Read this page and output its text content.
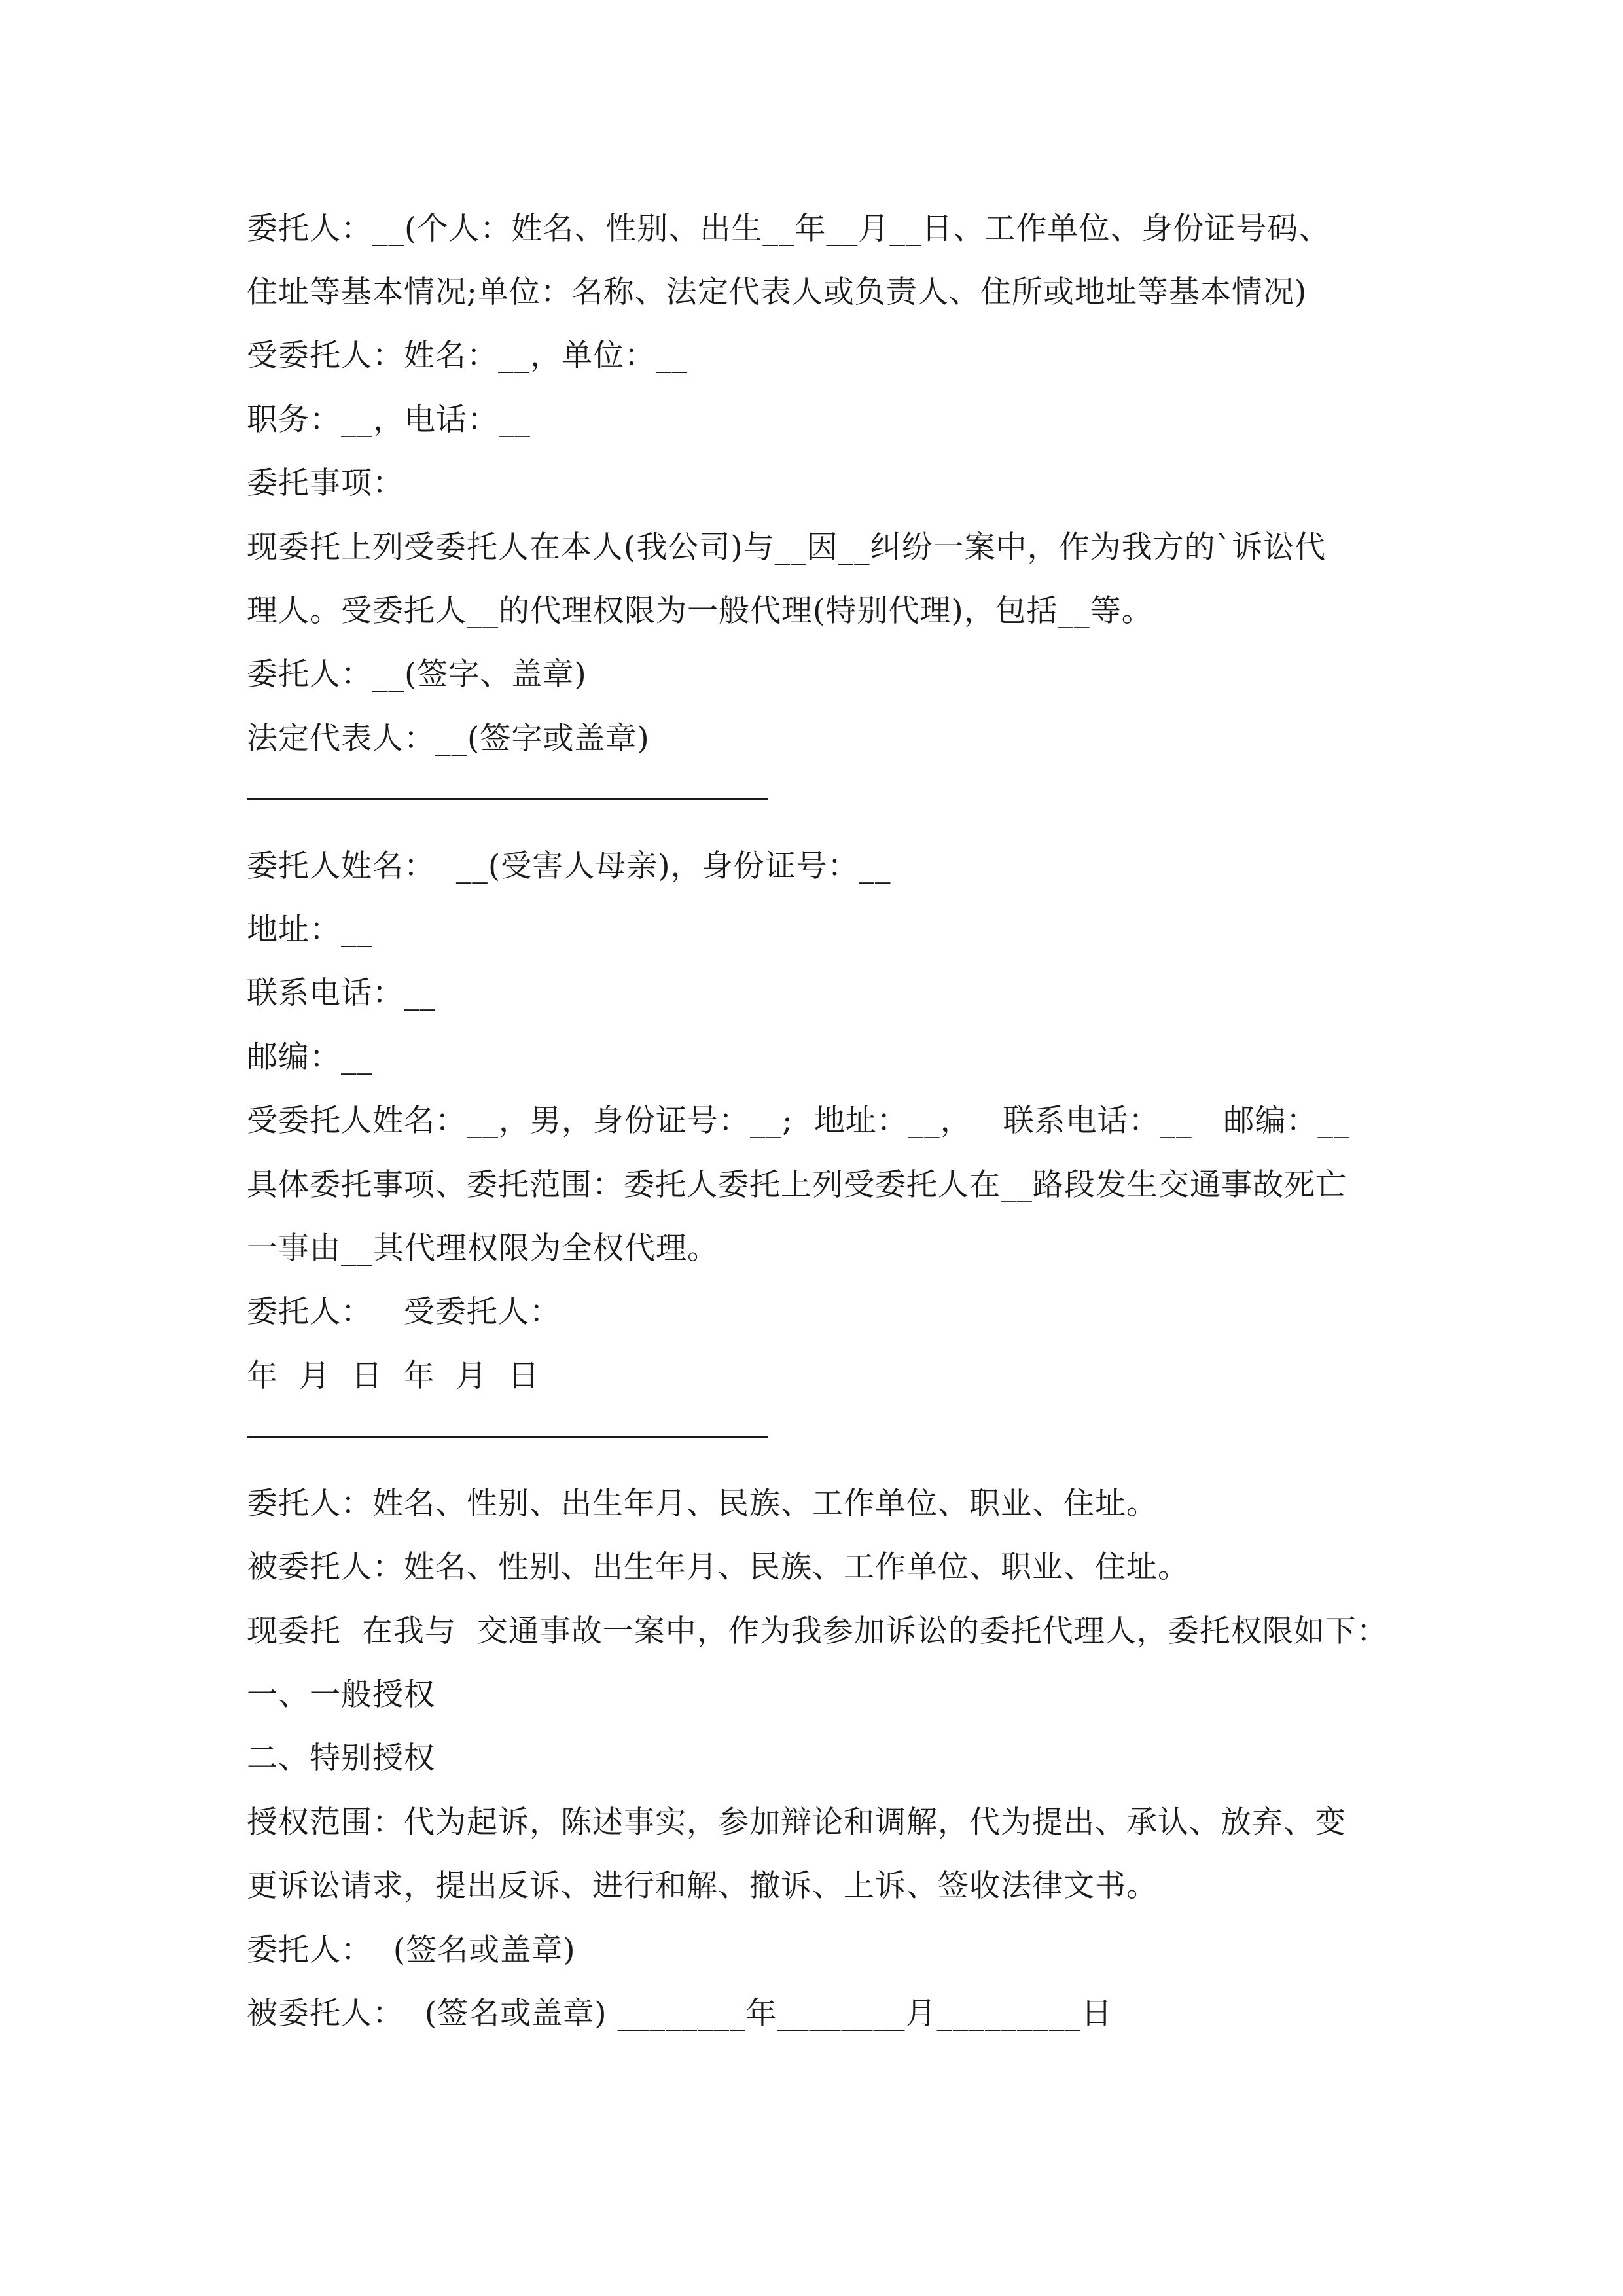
委托人：__(个人：姓名、性别、出生__年__月__日、工作单位、身份证号码、
住址等基本情况;单位：名称、法定代表人或负责人、住所或地址等基本情况)
受委托人：姓名：__，单位：__
职务：__，电话：__
委托事项：
现委托上列受委托人在本人(我公司)与__因__纠纷一案中，作为我方的`诉讼代
理人。受委托人__的代理权限为一般代理(特别代理)，包括__等。
委托人：__(签字、盖章)
法定代表人：__(签字或盖章)
委托人姓名：  __(受害人母亲)，身份证号：__
地址：__
联系电话：__
邮编：__
受委托人姓名：__，男，身份证号：__;  地址：__，   联系电话：__   邮编：__
具体委托事项、委托范围：委托人委托上列受委托人在__路段发生交通事故死亡
一事由__其代理权限为全权代理。
委托人：   受委托人：
年  月  日  年  月  日
委托人：姓名、性别、出生年月、民族、工作单位、职业、住址。
被委托人：姓名、性别、出生年月、民族、工作单位、职业、住址。
现委托  在我与  交通事故一案中，作为我参加诉讼的委托代理人，委托权限如下：
一、一般授权
二、特别授权
授权范围：代为起诉，陈述事实，参加辩论和调解，代为提出、承认、放弃、变
更诉讼请求，提出反诉、进行和解、撤诉、上诉、签收法律文书。
委托人：  (签名或盖章)
被委托人：  (签名或盖章) ________年________月_________日
